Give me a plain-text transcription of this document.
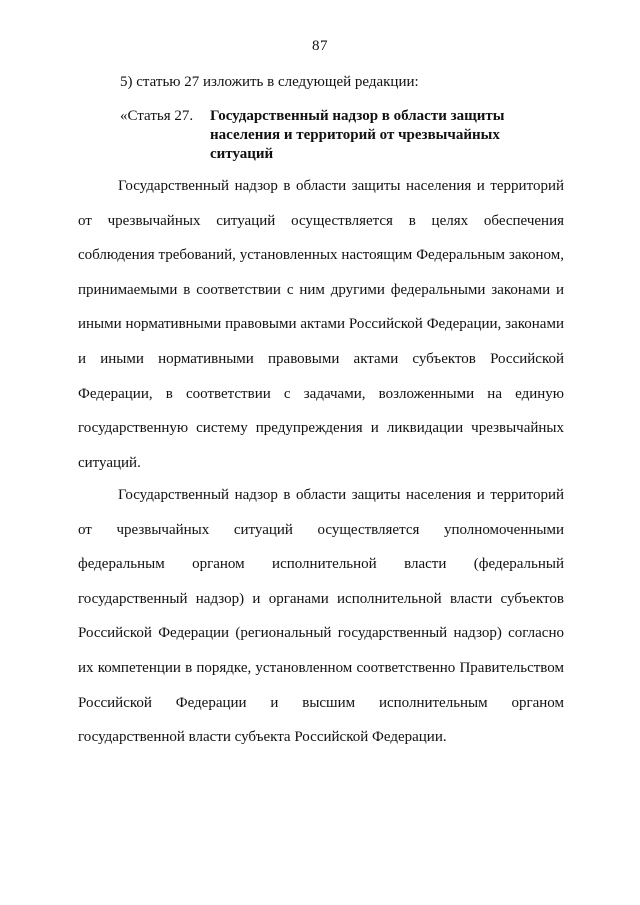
87
5) статью 27 изложить в следующей редакции:
«Статья 27. Государственный надзор в области защиты населения и территорий от чрезвычайных ситуаций

Государственный надзор в области защиты населения и территорий от чрезвычайных ситуаций осуществляется в целях обеспечения соблюдения требований, установленных настоящим Федеральным законом, принимаемыми в соответствии с ним другими федеральными законами и иными нормативными правовыми актами Российской Федерации, законами и иными нормативными правовыми актами субъектов Российской Федерации, в соответствии с задачами, возложенными на единую государственную систему предупреждения и ликвидации чрезвычайных ситуаций.

Государственный надзор в области защиты населения и территорий от чрезвычайных ситуаций осуществляется уполномоченными федеральным органом исполнительной власти (федеральный государственный надзор) и органами исполнительной власти субъектов Российской Федерации (региональный государственный надзор) согласно их компетенции в порядке, установленном соответственно Правительством Российской Федерации и высшим исполнительным органом государственной власти субъекта Российской Федерации.
